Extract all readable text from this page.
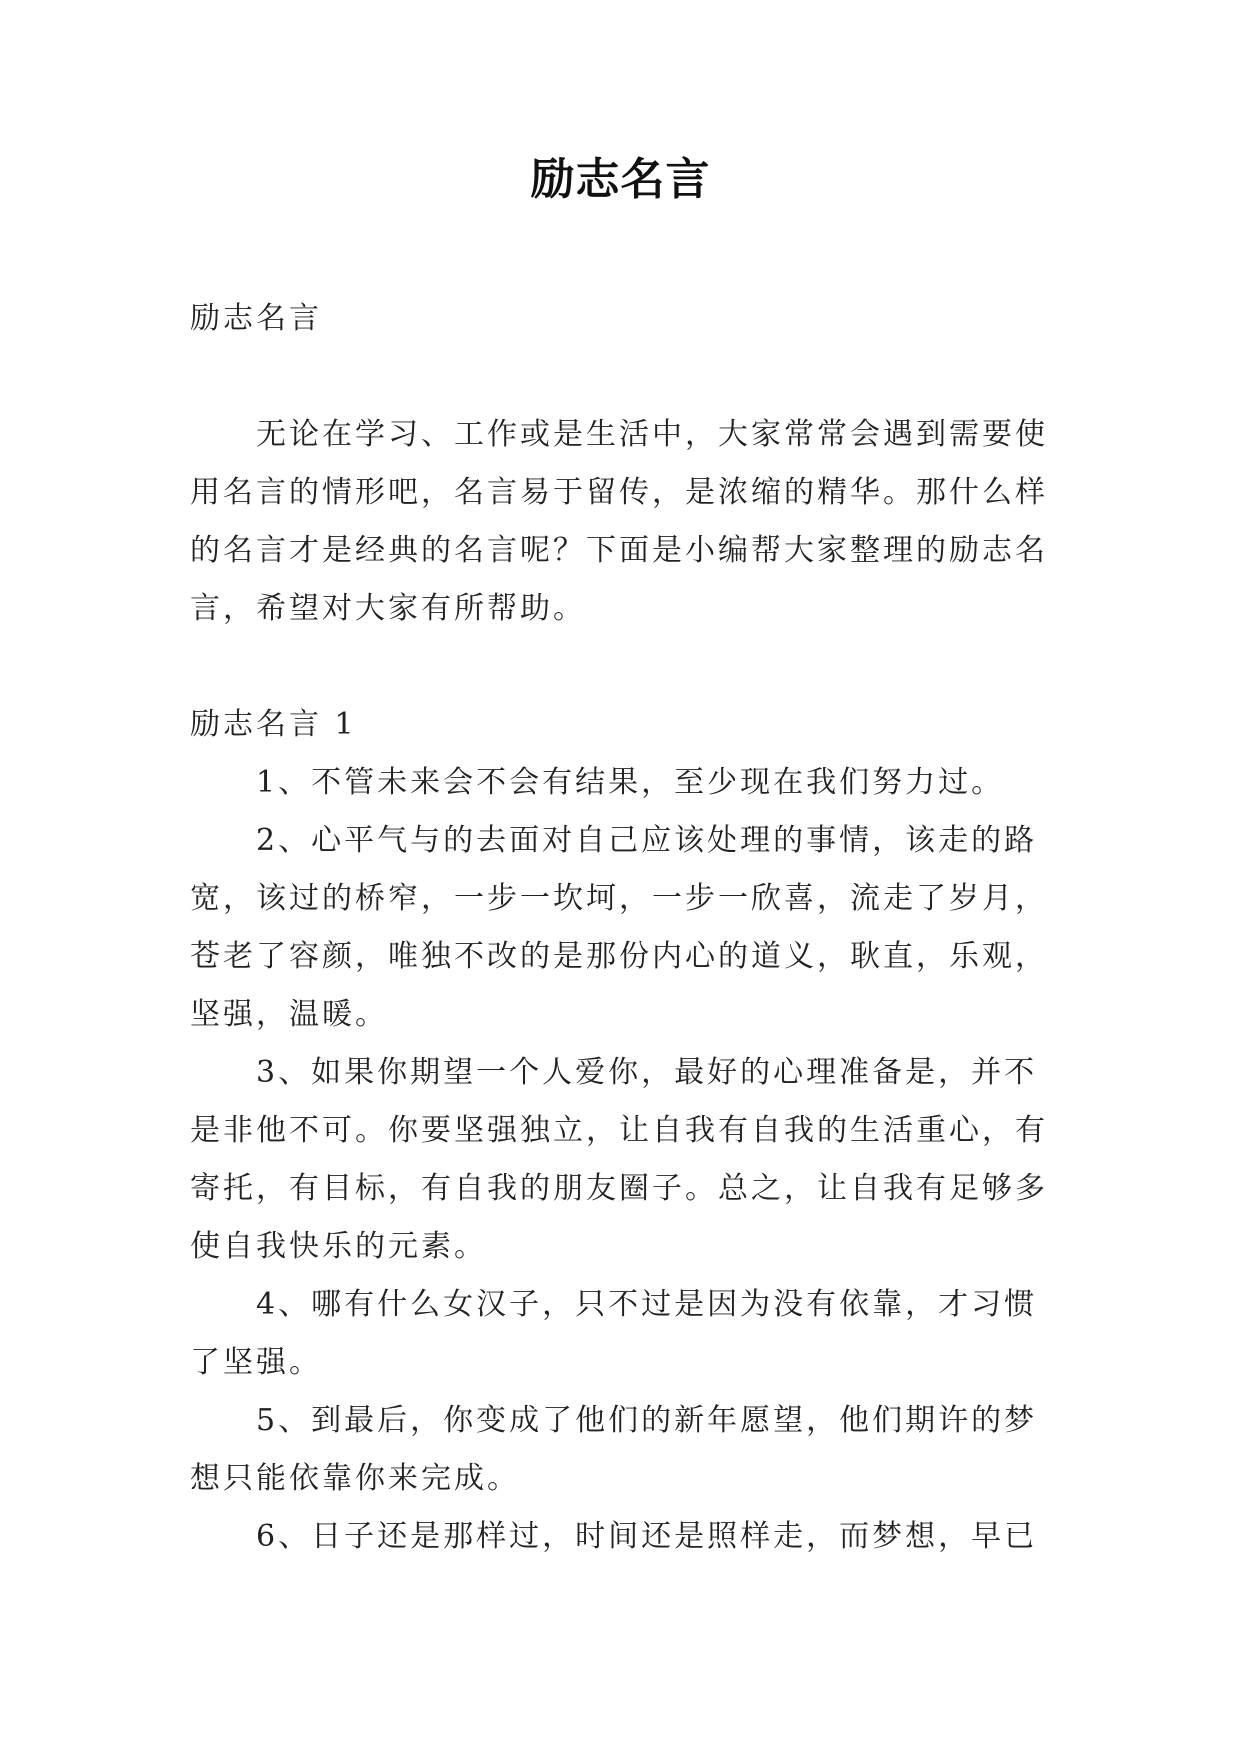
励志名言

励志名言

无论在学习、工作或是生活中，大家常常会遇到需要使用名言的情形吧，名言易于留传，是浓缩的精华。那什么样的名言才是经典的名言呢？下面是小编帮大家整理的励志名言，希望对大家有所帮助。

励志名言 1

1、不管未来会不会有结果，至少现在我们努力过。

2、心平气与的去面对自己应该处理的事情，该走的路宽，该过的桥窄，一步一坎坷，一步一欣喜，流走了岁月，苍老了容颜，唯独不改的是那份内心的道义，耿直，乐观，坚强，温暖。

3、如果你期望一个人爱你，最好的心理准备是，并不是非他不可。你要坚强独立，让自我有自我的生活重心，有寄托，有目标，有自我的朋友圈子。总之，让自我有足够多使自我快乐的元素。

4、哪有什么女汉子，只不过是因为没有依靠，才习惯了坚强。

5、到最后，你变成了他们的新年愿望，他们期许的梦想只能依靠你来完成。

6、日子还是那样过，时间还是照样走，而梦想，早已
